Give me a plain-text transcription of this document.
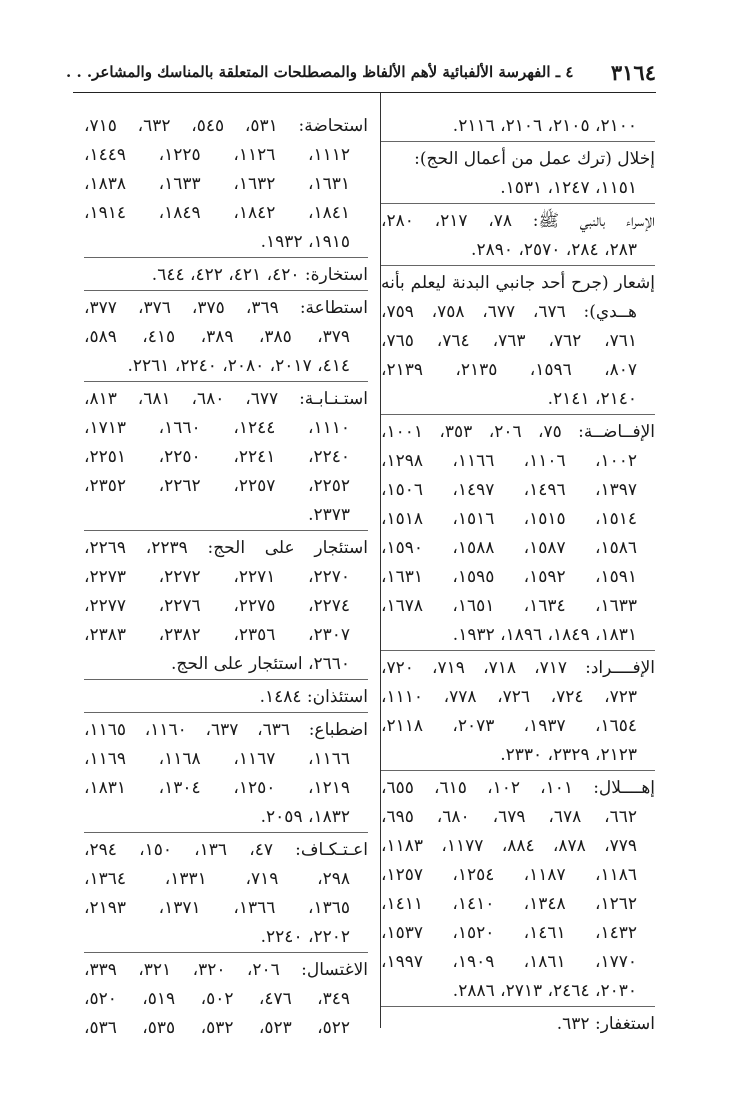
٣١٦٤
٤ ـ الفهرسة الألفبائية لأهم الألفاظ والمصطلحات المتعلقة بالمناسك والمشاعر. . .
٢١٠٠، ٢١٠٥، ٢١٠٦، ٢١١٦.
إخلال (ترك عمل من أعمال الحج):
١١٥١، ١٢٤٧، ١٥٣١.
الإسراء بالنبي ﷺ: ٧٨، ٢١٧، ٢٨٠،
٢٨٣، ٢٨٤، ٢٥٧٠، ٢٨٩٠.
إشعار (جرح أحد جانبي البدنة ليعلم بأنه
هــدي): ٦٧٦، ٦٧٧، ٧٥٨، ٧٥٩،
٧٦١، ٧٦٢، ٧٦٣، ٧٦٤، ٧٦٥،
٨٠٧، ١٥٩٦، ٢١٣٥، ٢١٣٩،
٢١٤٠، ٢١٤١.
الإفــاضــة: ٧٥، ٢٠٦، ٣٥٣، ١٠٠١،
١٠٠٢، ١١٠٦، ١١٦٦، ١٢٩٨،
١٣٩٧، ١٤٩٦، ١٤٩٧، ١٥٠٦،
١٥١٤، ١٥١٥، ١٥١٦، ١٥١٨،
١٥٨٦، ١٥٨٧، ١٥٨٨، ١٥٩٠،
١٥٩١، ١٥٩٢، ١٥٩٥، ١٦٣١،
١٦٣٣، ١٦٣٤، ١٦٥١، ١٦٧٨،
١٨٣١، ١٨٤٩، ١٨٩٦، ١٩٣٢.
الإفــــراد: ٧١٧، ٧١٨، ٧١٩، ٧٢٠،
٧٢٣، ٧٢٤، ٧٢٦، ٧٧٨، ١١١٠،
١٦٥٤، ١٩٣٧، ٢٠٧٣، ٢١١٨،
٢١٢٣، ٢٣٢٩، ٢٣٣٠.
إهــــلال: ١٠١، ١٠٢، ٦١٥، ٦٥٥،
٦٦٢، ٦٧٨، ٦٧٩، ٦٨٠، ٦٩٥،
٧٧٩، ٨٧٨، ٨٨٤، ١١٧٧، ١١٨٣،
١١٨٦، ١١٨٧، ١٢٥٤، ١٢٥٧،
١٢٦٢، ١٣٤٨، ١٤١٠، ١٤١١،
١٤٣٢، ١٤٦١، ١٥٢٠، ١٥٣٧،
١٧٧٠، ١٨٦١، ١٩٠٩، ١٩٩٧،
٢٠٣٠، ٢٤٦٤، ٢٧١٣، ٢٨٨٦.
استغفار: ٦٣٢.
استحاضة: ٥٣١، ٥٤٥، ٦٣٢، ٧١٥،
١١١٢، ١١٢٦، ١٢٢٥، ١٤٤٩،
١٦٣١، ١٦٣٢، ١٦٣٣، ١٨٣٨،
١٨٤١، ١٨٤٢، ١٨٤٩، ١٩١٤،
١٩١٥، ١٩٣٢.
استخارة: ٤٢٠، ٤٢١، ٤٢٢، ٦٤٤.
استطاعة: ٣٦٩، ٣٧٥، ٣٧٦، ٣٧٧،
٣٧٩، ٣٨٥، ٣٨٩، ٤١٥، ٥٨٩،
٤١٤، ٢٠١٧، ٢٠٨٠، ٢٢٤٠، ٢٢٦١.
استـنـابـة: ٦٧٧، ٦٨٠، ٦٨١، ٨١٣،
١١١٠، ١٢٤٤، ١٦٦٠، ١٧١٣،
٢٢٤٠، ٢٢٤١، ٢٢٥٠، ٢٢٥١،
٢٢٥٢، ٢٢٥٧، ٢٢٦٢، ٢٣٥٢،
٢٣٧٣.
استئجار على الحج: ٢٢٣٩، ٢٢٦٩،
٢٢٧٠، ٢٢٧١، ٢٢٧٢، ٢٢٧٣،
٢٢٧٤، ٢٢٧٥، ٢٢٧٦، ٢٢٧٧،
٢٣٠٧، ٢٣٥٦، ٢٣٨٢، ٢٣٨٣،
٢٦٦٠، استئجار على الحج.
استئذان: ١٤٨٤.
اضطباع: ٦٣٦، ٦٣٧، ١١٦٠، ١١٦٥،
١١٦٦، ١١٦٧، ١١٦٨، ١١٦٩،
١٢١٩، ١٢٥٠، ١٣٠٤، ١٨٣١،
١٨٣٢، ٢٠٥٩.
اعـتـكـاف: ٤٧، ١٣٦، ١٥٠، ٢٩٤،
٢٩٨، ٧١٩، ١٣٣١، ١٣٦٤،
١٣٦٥، ١٣٦٦، ١٣٧١، ٢١٩٣،
٢٢٠٢، ٢٢٤٠.
الاغتسال: ٢٠٦، ٣٢٠، ٣٢١، ٣٣٩،
٣٤٩، ٤٧٦، ٥٠٢، ٥١٩، ٥٢٠،
٥٢٢، ٥٢٣، ٥٣٢، ٥٣٥، ٥٣٦،
